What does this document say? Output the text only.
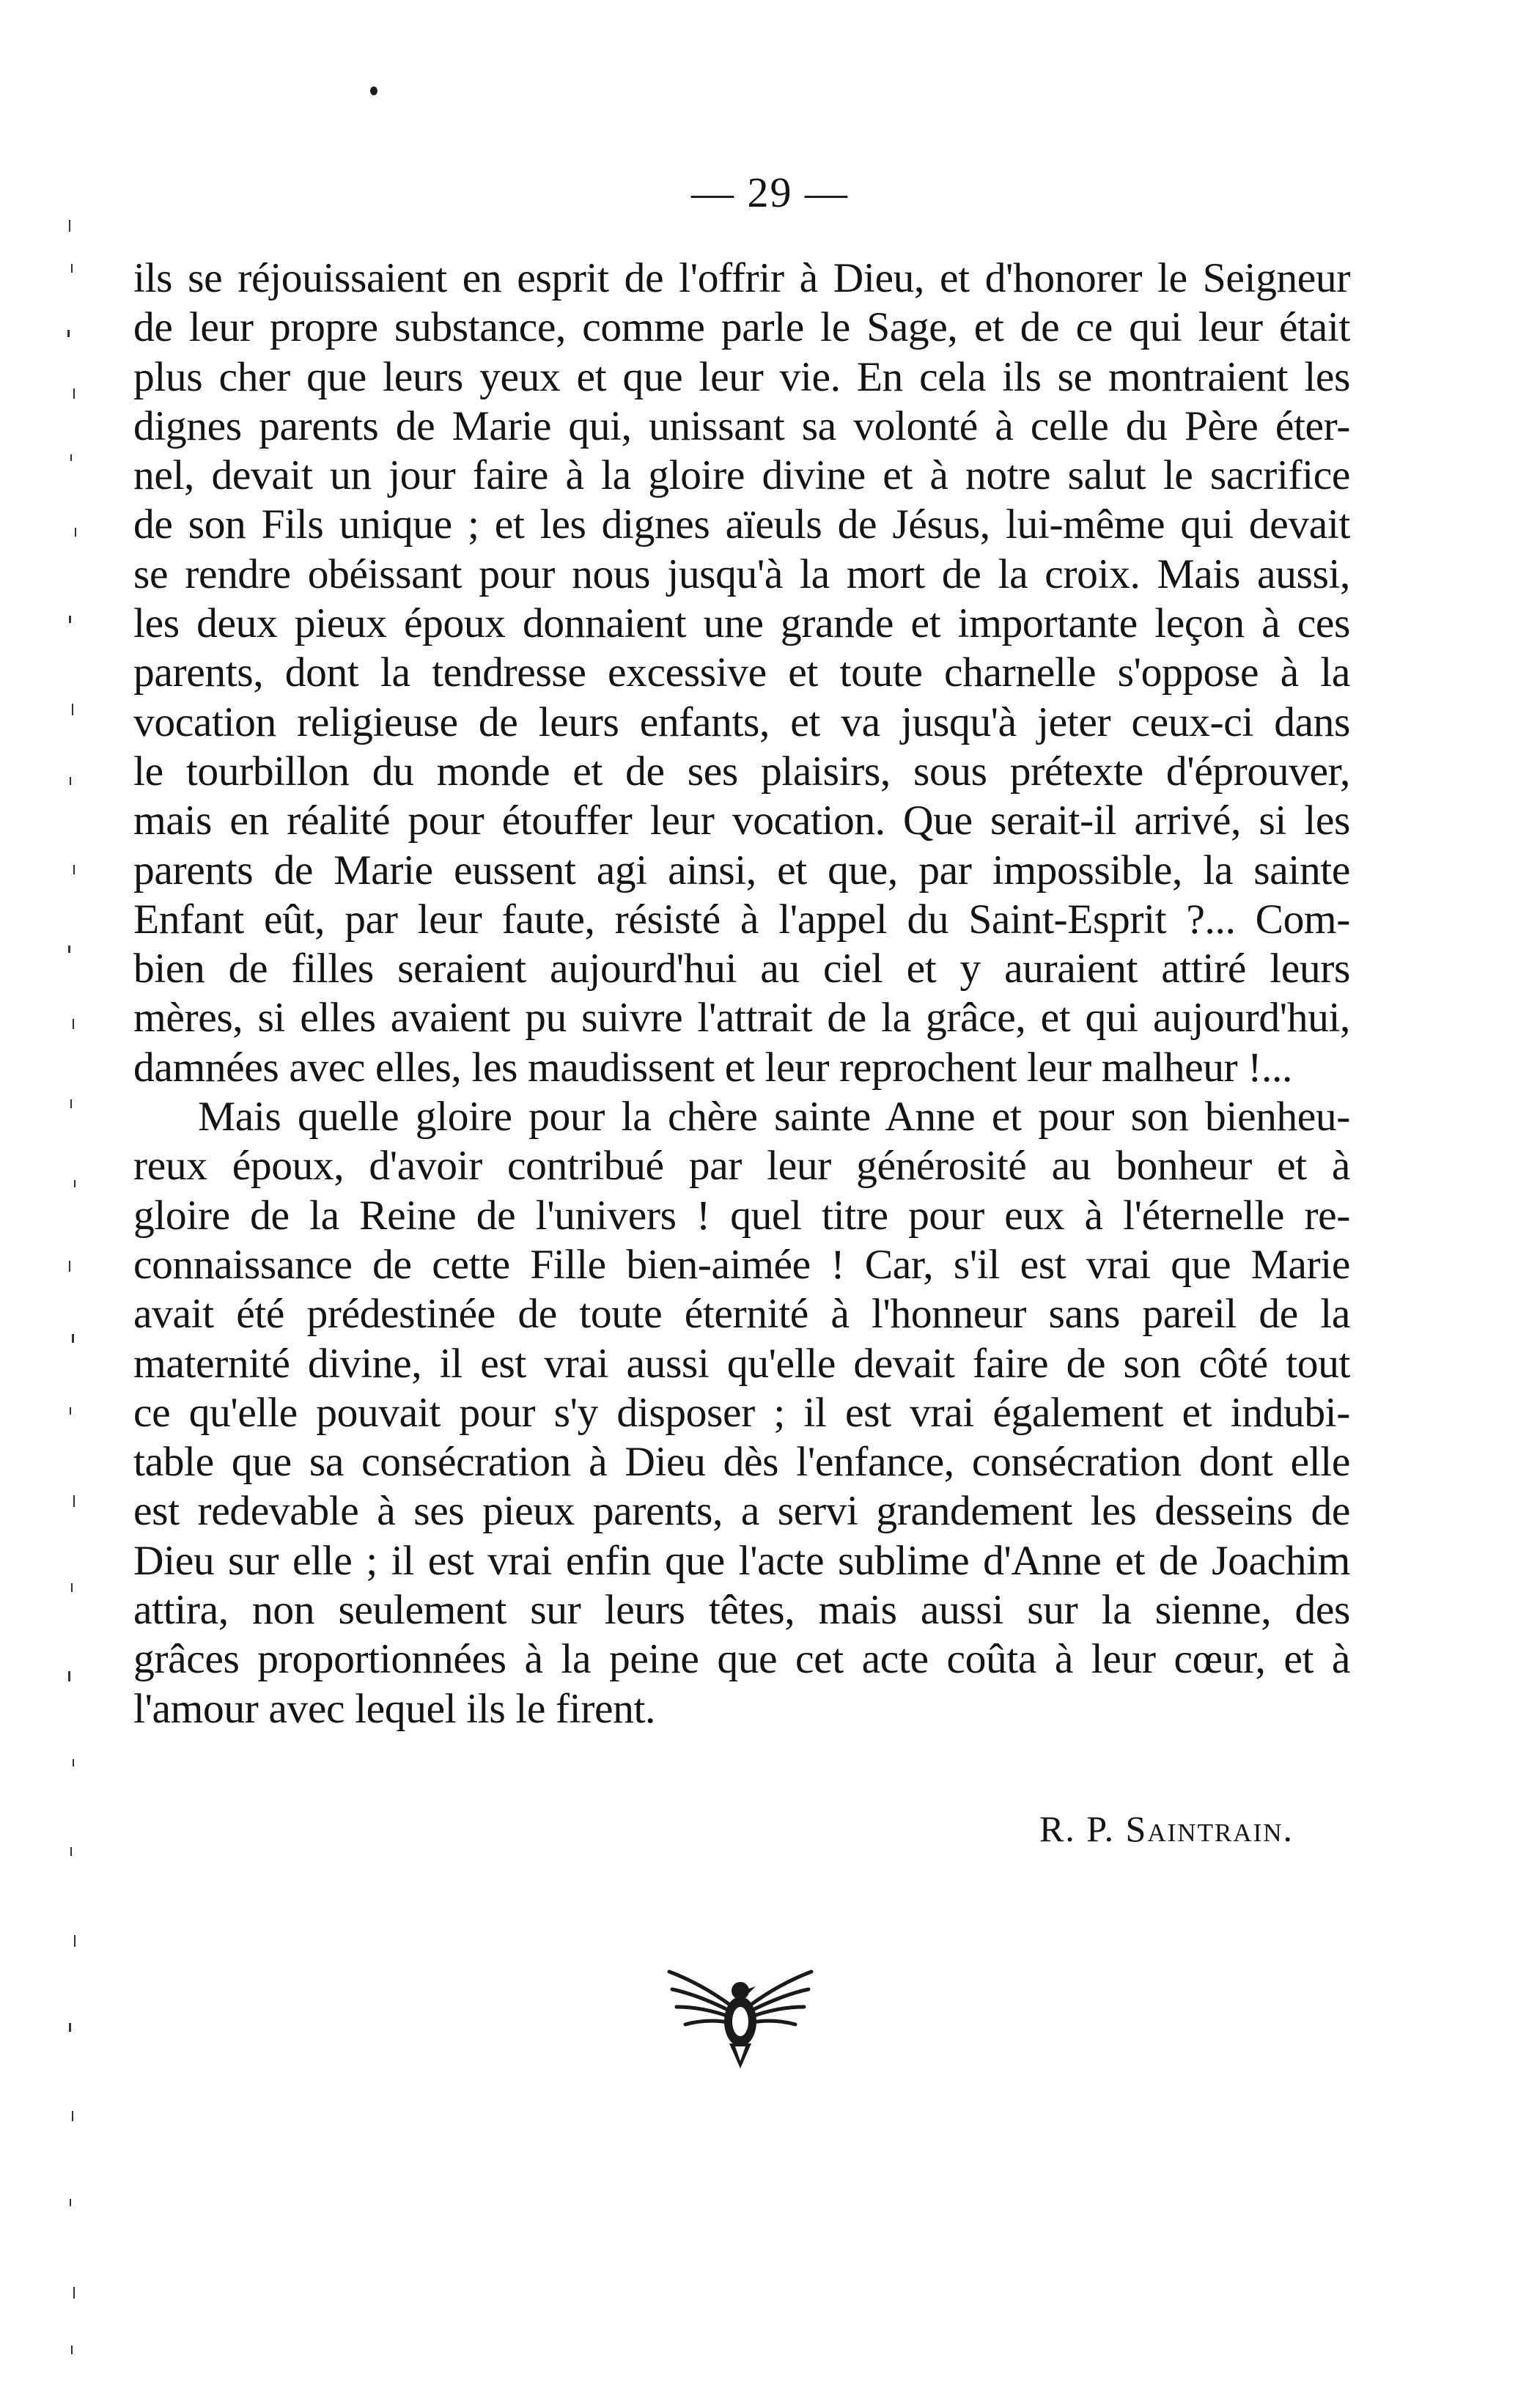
— 29 —
ils se réjouissaient en esprit de l'offrir à Dieu, et d'honorer le Seigneur
de leur propre substance, comme parle le Sage, et de ce qui leur était
plus cher que leurs yeux et que leur vie. En cela ils se montraient les
dignes parents de Marie qui, unissant sa volonté à celle du Père éter-
nel, devait un jour faire à la gloire divine et à notre salut le sacrifice
de son Fils unique ; et les dignes aïeuls de Jésus, lui-même qui devait
se rendre obéissant pour nous jusqu'à la mort de la croix. Mais aussi,
les deux pieux époux donnaient une grande et importante leçon à ces
parents, dont la tendresse excessive et toute charnelle s'oppose à la
vocation religieuse de leurs enfants, et va jusqu'à jeter ceux-ci dans
le tourbillon du monde et de ses plaisirs, sous prétexte d'éprouver,
mais en réalité pour étouffer leur vocation. Que serait-il arrivé, si les
parents de Marie eussent agi ainsi, et que, par impossible, la sainte
Enfant eût, par leur faute, résisté à l'appel du Saint-Esprit ?... Com-
bien de filles seraient aujourd'hui au ciel et y auraient attiré leurs
mères, si elles avaient pu suivre l'attrait de la grâce, et qui aujourd'hui,
damnées avec elles, les maudissent et leur reprochent leur malheur !...
Mais quelle gloire pour la chère sainte Anne et pour son bienheu-
reux époux, d'avoir contribué par leur générosité au bonheur et à
gloire de la Reine de l'univers ! quel titre pour eux à l'éternelle re-
connaissance de cette Fille bien-aimée ! Car, s'il est vrai que Marie
avait été prédestinée de toute éternité à l'honneur sans pareil de la
maternité divine, il est vrai aussi qu'elle devait faire de son côté tout
ce qu'elle pouvait pour s'y disposer ; il est vrai également et indubi-
table que sa consécration à Dieu dès l'enfance, consécration dont elle
est redevable à ses pieux parents, a servi grandement les desseins de
Dieu sur elle ; il est vrai enfin que l'acte sublime d'Anne et de Joachim
attira, non seulement sur leurs têtes, mais aussi sur la sienne, des
grâces proportionnées à la peine que cet acte coûta à leur cœur, et à
l'amour avec lequel ils le firent.
R. P. Saintrain.
